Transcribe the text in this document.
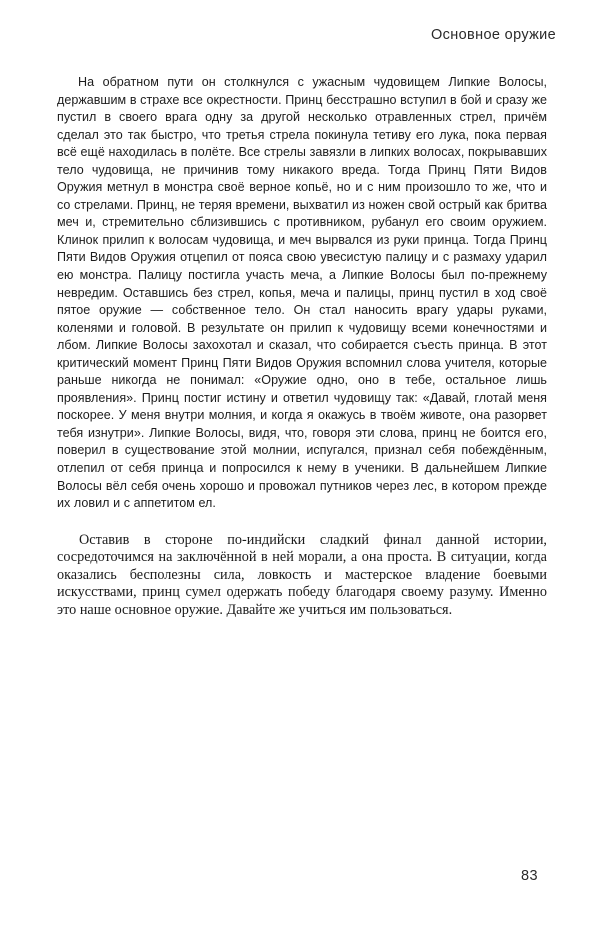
Основное оружие

На обратном пути он столкнулся с ужасным чудовищем Липкие Волосы, державшим в страхе все окрестности. Принц бесстрашно вступил в бой и сразу же пустил в своего врага одну за другой несколько отравленных стрел, причём сделал это так быстро, что третья стрела покинула тетиву его лука, пока первая всё ещё находилась в полёте. Все стрелы завязли в липких волосах, покрывавших тело чудовища, не причинив тому никакого вреда. Тогда Принц Пяти Видов Оружия метнул в монстра своё верное копьё, но и с ним произошло то же, что и со стрелами. Принц, не теряя времени, выхватил из ножен свой острый как бритва меч и, стремительно сблизившись с противником, рубанул его своим оружием. Клинок прилип к волосам чудовища, и меч вырвался из руки принца. Тогда Принц Пяти Видов Оружия отцепил от пояса свою увесистую палицу и с размаху ударил ею монстра. Палицу постигла участь меча, а Липкие Волосы был по-прежнему невредим. Оставшись без стрел, копья, меча и палицы, принц пустил в ход своё пятое оружие — собственное тело. Он стал наносить врагу удары руками, коленями и головой. В результате он прилип к чудовищу всеми конечностями и лбом. Липкие Волосы захохотал и сказал, что собирается съесть принца. В этот критический момент Принц Пяти Видов Оружия вспомнил слова учителя, которые раньше никогда не понимал: «Оружие одно, оно в тебе, остальное лишь проявления». Принц постиг истину и ответил чудовищу так: «Давай, глотай меня поскорее. У меня внутри молния, и когда я окажусь в твоём животе, она разорвет тебя изнутри». Липкие Волосы, видя, что, говоря эти слова, принц не боится его, поверил в существование этой молнии, испугался, признал себя побеждённым, отлепил от себя принца и попросился к нему в ученики. В дальнейшем Липкие Волосы вёл себя очень хорошо и провожал путников через лес, в котором прежде их ловил и с аппетитом ел.

Оставив в стороне по-индийски сладкий финал данной истории, сосредоточимся на заключённой в ней морали, а она проста. В ситуации, когда оказались бесполезны сила, ловкость и мастерское владение боевыми искусствами, принц сумел одержать победу благодаря своему разуму. Именно это наше основное оружие. Давайте же учиться им пользоваться.

83
